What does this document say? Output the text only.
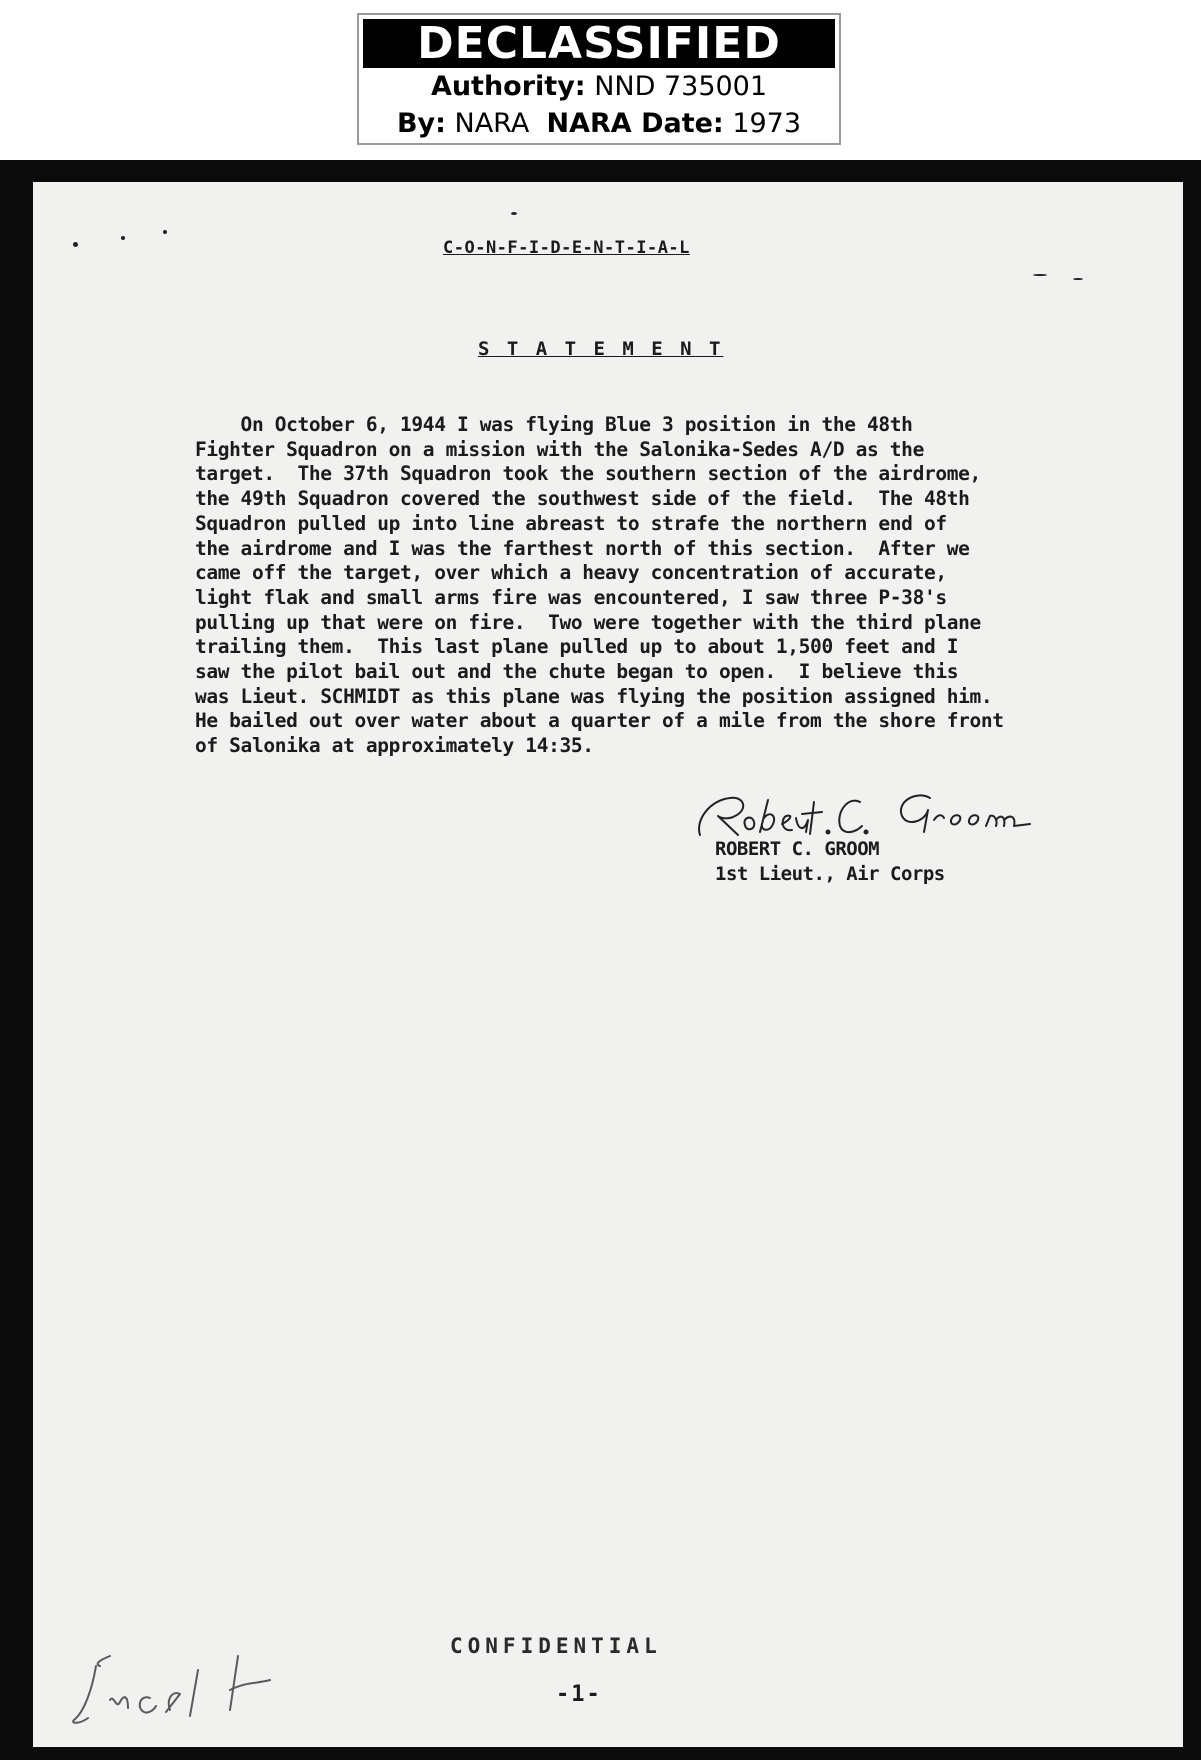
DECLASSIFIED
Authority: NND 735001
By: NARA NARA Date: 1973
C-O-N-F-I-D-E-N-T-I-A-L
S T A T E M E N T
On October 6, 1944 I was flying Blue 3 position in the 48th
Fighter Squadron on a mission with the Salonika-Sedes A/D as the
target.  The 37th Squadron took the southern section of the airdrome,
the 49th Squadron covered the southwest side of the field.  The 48th
Squadron pulled up into line abreast to strafe the northern end of
the airdrome and I was the farthest north of this section.  After we
came off the target, over which a heavy concentration of accurate,
light flak and small arms fire was encountered, I saw three P-38's
pulling up that were on fire.  Two were together with the third plane
trailing them.  This last plane pulled up to about 1,500 feet and I
saw the pilot bail out and the chute began to open.  I believe this
was Lieut. SCHMIDT as this plane was flying the position assigned him.
He bailed out over water about a quarter of a mile from the shore front
of Salonika at approximately 14:35.
ROBERT C. GROOM
1st Lieut., Air Corps
CONFIDENTIAL
-1-
